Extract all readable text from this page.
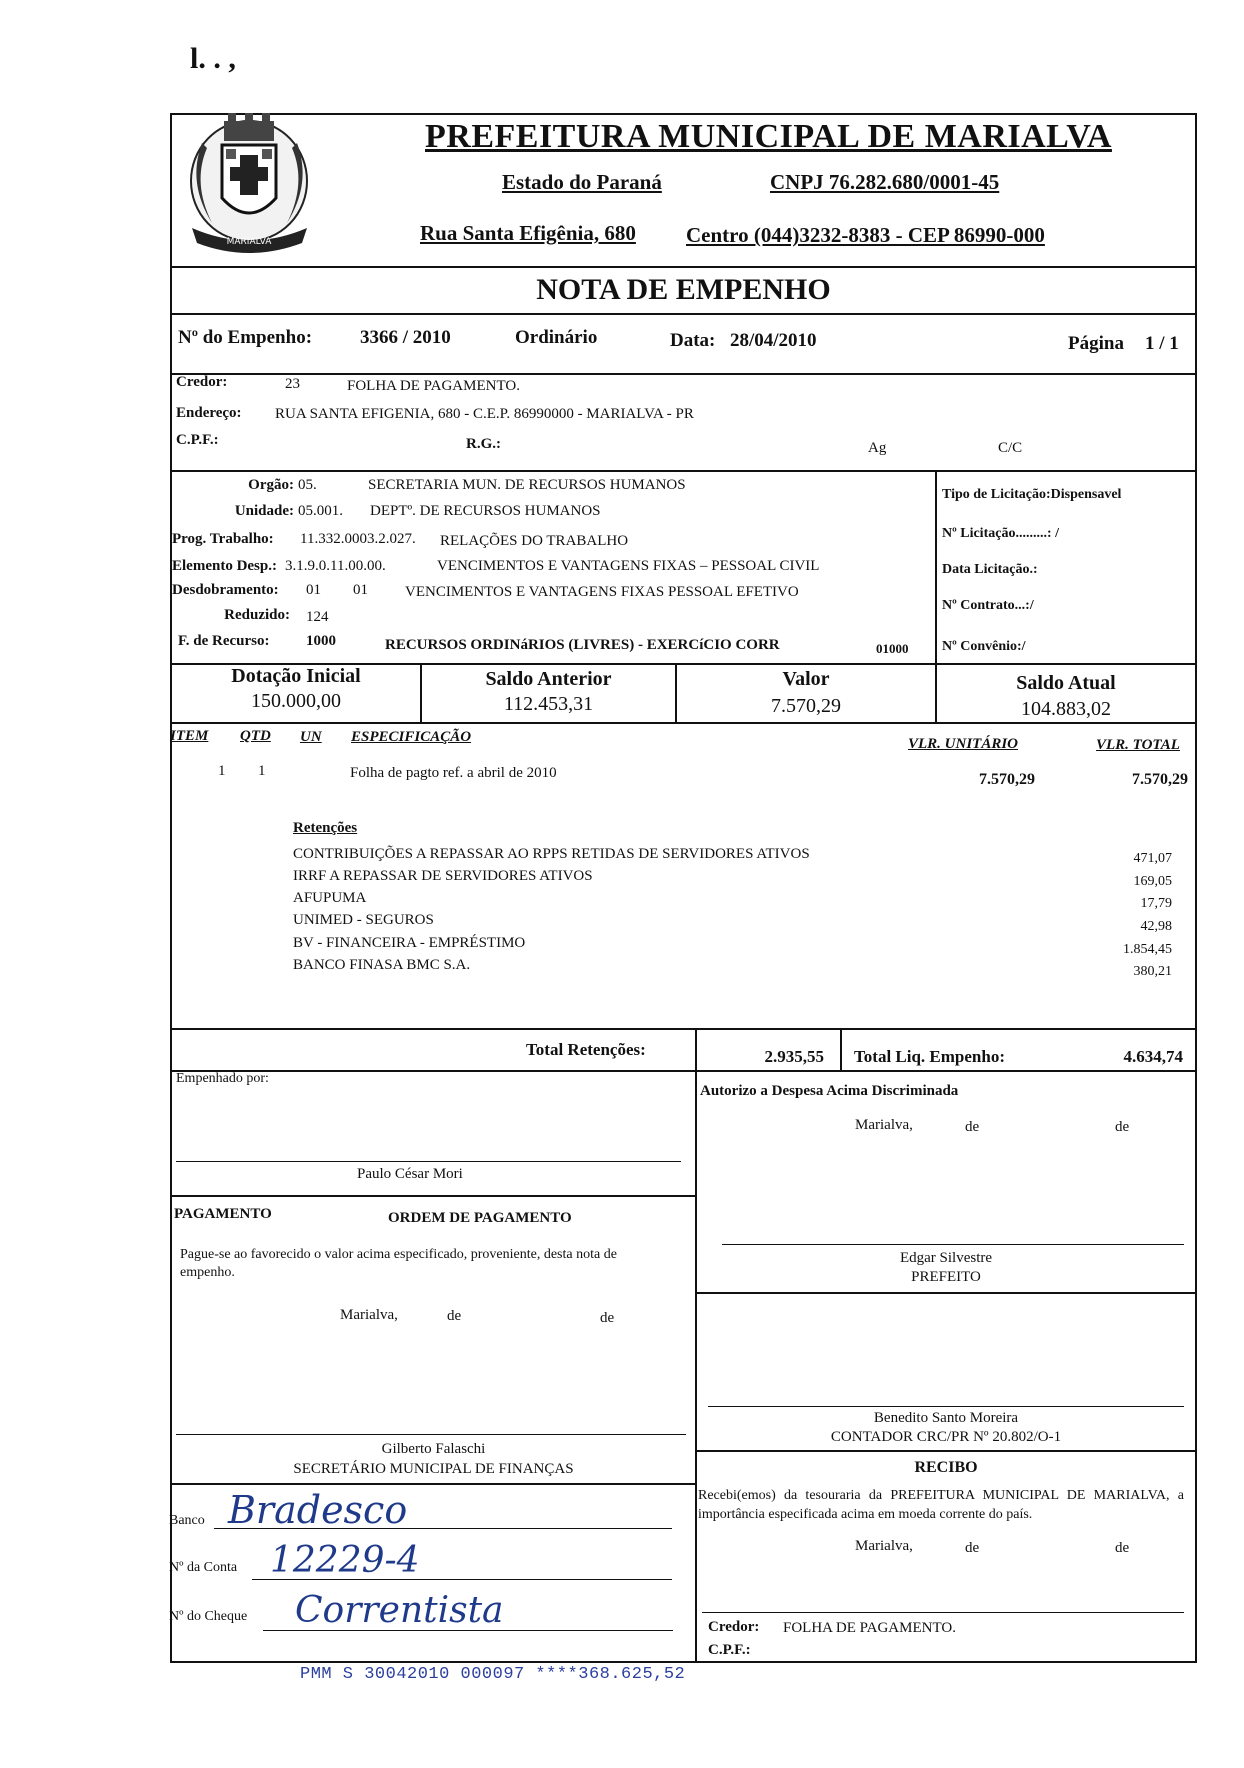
l. . ,
MARIALVA
PREFEITURA MUNICIPAL DE MARIALVA
Estado do Paraná	CNPJ 76.282.680/0001-45
Rua Santa Efigênia, 680 Centro (044)3232-8383 - CEP 86990-000
NOTA DE EMPENHO
Nº do Empenho:	3366 / 2010	Ordinário	Data: 28/04/2010	Página 1 / 1
Credor:	23	FOLHA DE PAGAMENTO.
Endereço: RUA SANTA EFIGENIA, 680 - C.E.P. 86990000 - MARIALVA - PR
C.P.F.:	R.G.:	Ag	C/C
Orgão: 05.	SECRETARIA MUN. DE RECURSOS HUMANOS
Unidade: 05.001. DEPTº. DE RECURSOS HUMANOS
Prog. Trabalho: 11.332.0003.2.027. RELAÇÕES DO TRABALHO
Elemento Desp.: 3.1.9.0.11.00.00.	VENCIMENTOS E VANTAGENS FIXAS – PESSOAL CIVIL
Desdobramento: 01 01 VENCIMENTOS E VANTAGENS FIXAS PESSOAL EFETIVO
Reduzido: 124
F. de Recurso: 1000	RECURSOS ORDINáRIOS (LIVRES) - EXERCíCIO CORR	01000
Tipo de Licitação:Dispensavel
Nº Licitação.........: /
Data Licitação.:
Nº Contrato...:/
Nº Convênio:/
Dotação Inicial
150.000,00
Saldo Anterior
112.453,31
Valor
7.570,29
Saldo Atual
104.883,02
ITEM QTD UN ESPECIFICAÇÃO	VLR. UNITÁRIO	VLR. TOTAL
1 1	Folha de pagto ref. a abril de 2010	7.570,29	7.570,29
Retenções
CONTRIBUIÇÕES A REPASSAR AO RPPS RETIDAS DE SERVIDORES ATIVOS	471,07
IRRF A REPASSAR DE SERVIDORES ATIVOS	169,05
AFUPUMA	17,79
UNIMED - SEGUROS	42,98
BV - FINANCEIRA - EMPRÉSTIMO	1.854,45
BANCO FINASA BMC S.A.	380,21
Total Retenções:	2.935,55 Total Liq. Empenho:	4.634,74
Empenhado por:
Paulo César Mori
PAGAMENTO	ORDEM DE PAGAMENTO
Pague-se ao favorecido o valor acima especificado, proveniente, desta nota de empenho.
Marialva,	de	de
Gilberto Falaschi
SECRETÁRIO MUNICIPAL DE FINANÇAS
Banco Bradesco
Nº da Conta 12229-4
Nº do Cheque Correntista
Autorizo a Despesa Acima Discriminada
Marialva,	de	de
Edgar Silvestre
PREFEITO
Benedito Santo Moreira
CONTADOR CRC/PR Nº 20.802/O-1
RECIBO
Recebi(emos) da tesouraria da PREFEITURA MUNICIPAL DE MARIALVA, a importância especificada acima em moeda corrente do país.
Marialva,	de	de
Credor: FOLHA DE PAGAMENTO.
C.P.F.:
PMM S 30042010 000097 ****368.625,52
